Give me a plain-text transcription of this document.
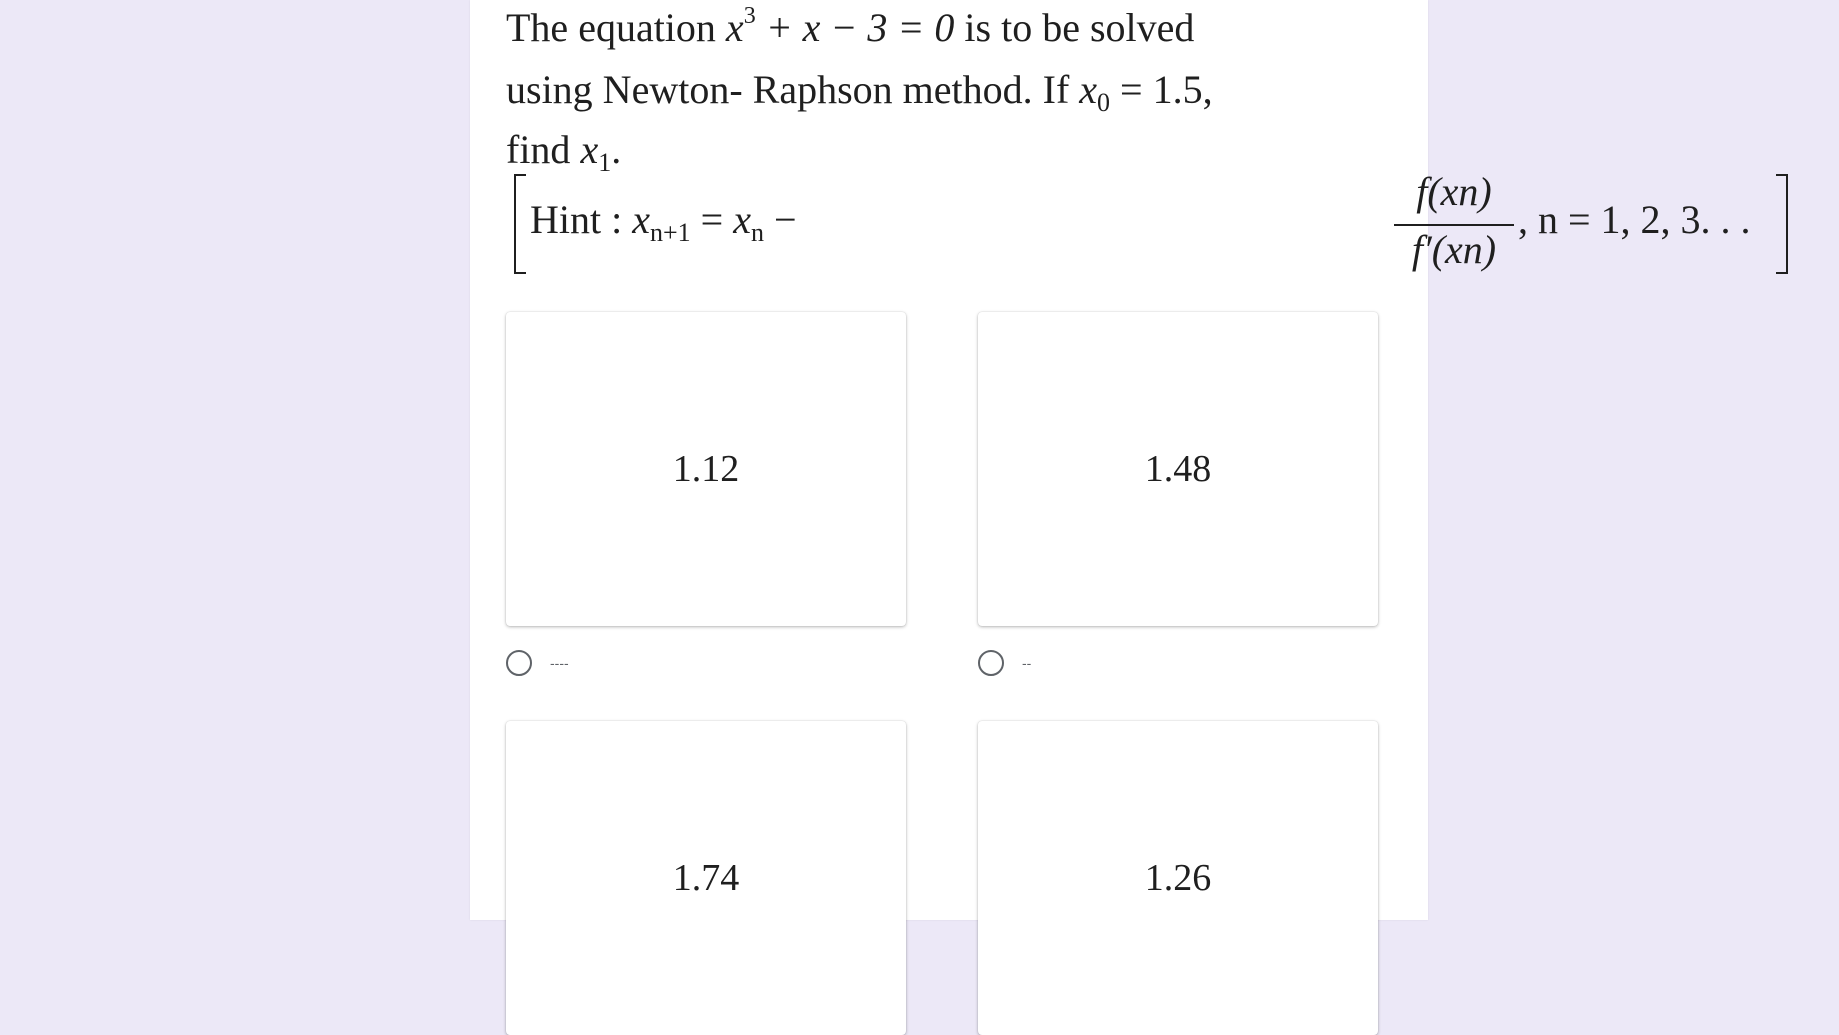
The equation $x^3 + x - 3 = 0$ is to be solved
using Newton- Raphson method. If $x_0 = 1.5$,
find $x_1$.
Hint : $x_{n+1} = x_n$ −
f(xn)
f′(xn)
, n = 1, 2, 3. . .
1.12
----
1.48
--
1.74	1.26
